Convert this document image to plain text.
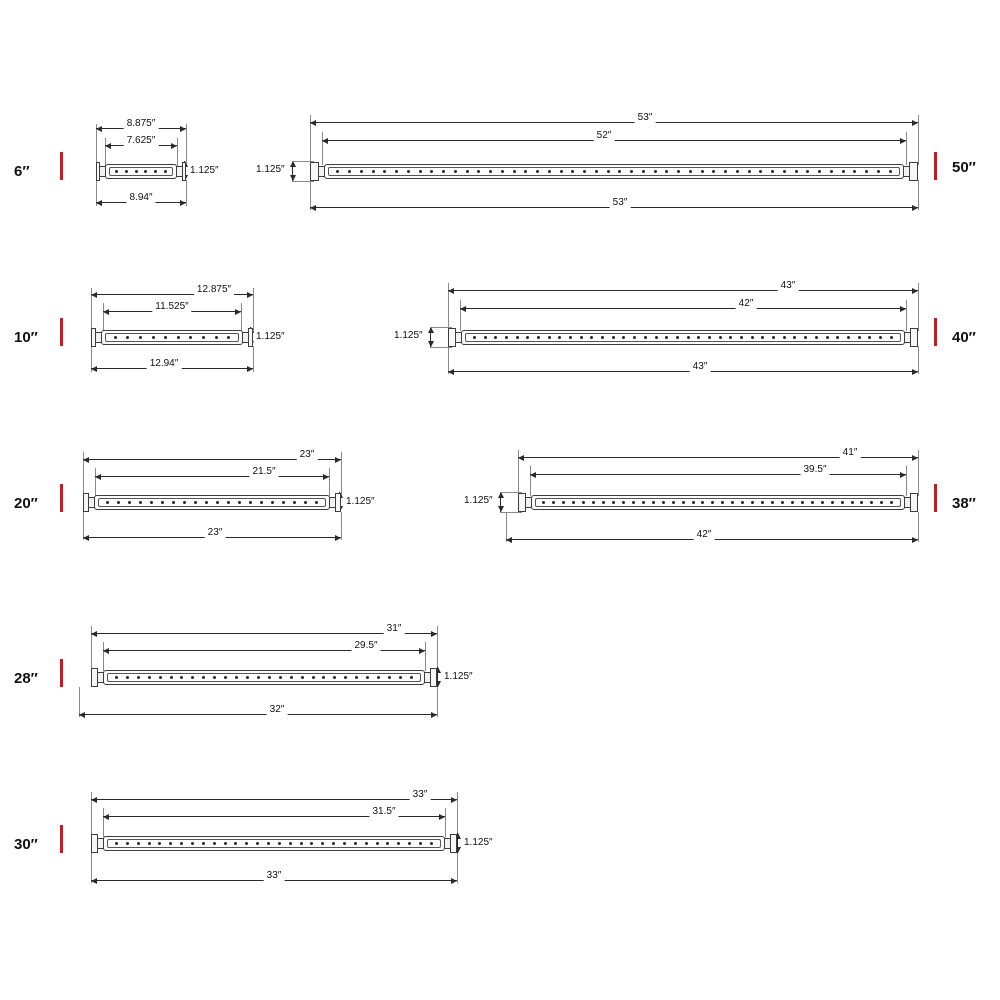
6″
8.875″
7.625″
8.94″
1.125″	50″
53″
52″
53″
1.125″
10″
12.875″
11.525″
12.94″
1.125″	40″
43″
42″
43″
1.125″
20″
23″
21.5″
23″
1.125″	38″
41″
39.5″
42″
1.125″
28″
31″
29.5″
32″
1.125″
30″
33″
31.5″
33″
1.125″
